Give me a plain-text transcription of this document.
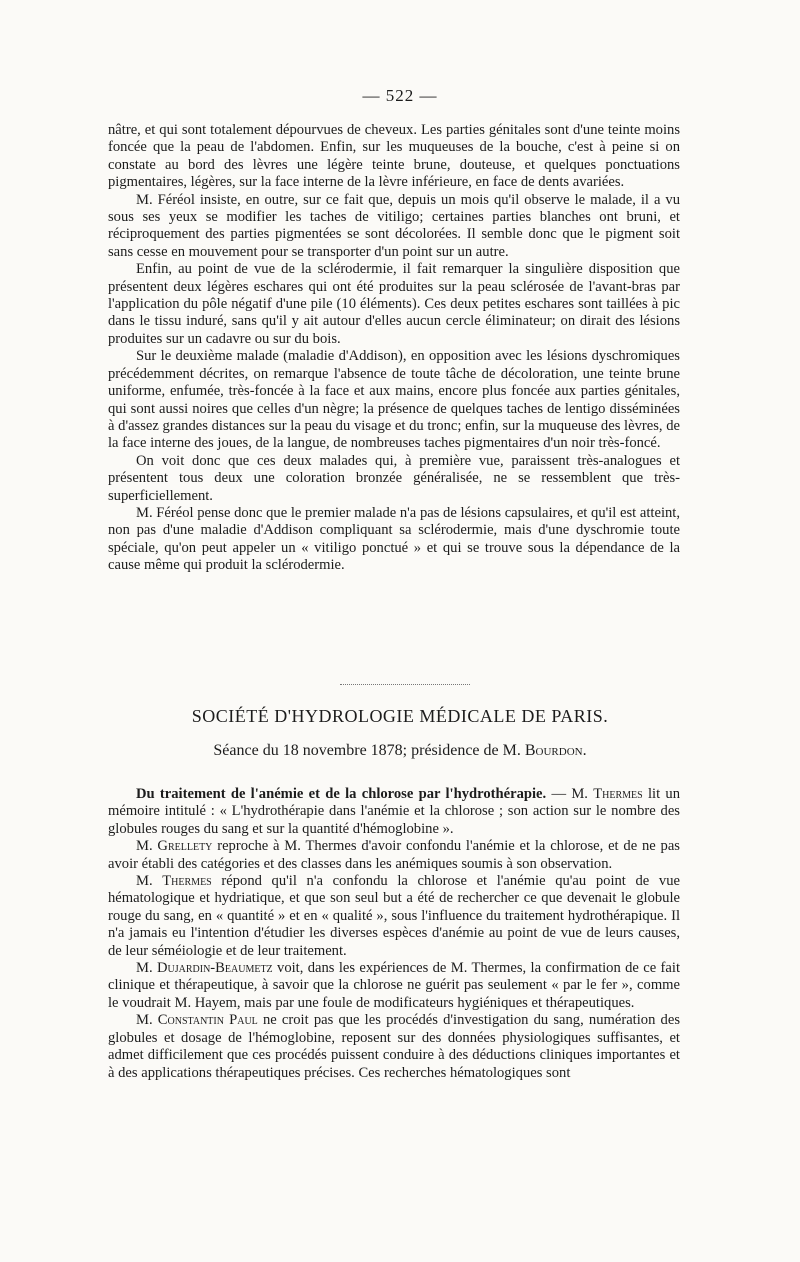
— 522 —

nâtre, et qui sont totalement dépourvues de cheveux. Les parties génitales sont d'une teinte moins foncée que la peau de l'abdomen. Enfin, sur les muqueuses de la bouche, c'est à peine si on constate au bord des lèvres une légère teinte brune, douteuse, et quelques ponctuations pigmentaires, légères, sur la face interne de la lèvre inférieure, en face de dents avariées.

M. Féréol insiste, en outre, sur ce fait que, depuis un mois qu'il observe le malade, il a vu sous ses yeux se modifier les taches de vitiligo; certaines parties blanches ont bruni, et réciproquement des parties pigmentées se sont décolorées. Il semble donc que le pigment soit sans cesse en mouvement pour se transporter d'un point sur un autre.

Enfin, au point de vue de la sclérodermie, il fait remarquer la singulière disposition que présentent deux légères eschares qui ont été produites sur la peau sclérosée de l'avant-bras par l'application du pôle négatif d'une pile (10 éléments). Ces deux petites eschares sont taillées à pic dans le tissu induré, sans qu'il y ait autour d'elles aucun cercle éliminateur; on dirait des lésions produites sur un cadavre ou sur du bois.

Sur le deuxième malade (maladie d'Addison), en opposition avec les lésions dyschromiques précédemment décrites, on remarque l'absence de toute tâche de décoloration, une teinte brune uniforme, enfumée, très-foncée à la face et aux mains, encore plus foncée aux parties génitales, qui sont aussi noires que celles d'un nègre; la présence de quelques taches de lentigo disséminées à d'assez grandes distances sur la peau du visage et du tronc; enfin, sur la muqueuse des lèvres, de la face interne des joues, de la langue, de nombreuses taches pigmentaires d'un noir très-foncé.

On voit donc que ces deux malades qui, à première vue, paraissent très-analogues et présentent tous deux une coloration bronzée généralisée, ne se ressemblent que très-superficiellement.

M. Féréol pense donc que le premier malade n'a pas de lésions capsulaires, et qu'il est atteint, non pas d'une maladie d'Addison compliquant sa sclérodermie, mais d'une dyschromie toute spéciale, qu'on peut appeler un « vitiligo ponctué » et qui se trouve sous la dépendance de la cause même qui produit la sclérodermie.

SOCIÉTÉ D'HYDROLOGIE MÉDICALE DE PARIS.
Séance du 18 novembre 1878; présidence de M. Bourdon.

Du traitement de l'anémie et de la chlorose par l'hydrothérapie. — M. Thermes lit un mémoire intitulé : « L'hydrothérapie dans l'anémie et la chlorose ; son action sur le nombre des globules rouges du sang et sur la quantité d'hémoglobine ».

M. Grellety reproche à M. Thermes d'avoir confondu l'anémie et la chlorose, et de ne pas avoir établi des catégories et des classes dans les anémiques soumis à son observation.

M. Thermes répond qu'il n'a confondu la chlorose et l'anémie qu'au point de vue hématologique et hydriatique, et que son seul but a été de rechercher ce que devenait le globule rouge du sang, en « quantité » et en « qualité », sous l'influence du traitement hydrothérapique. Il n'a jamais eu l'intention d'étudier les diverses espèces d'anémie au point de vue de leurs causes, de leur séméiologie et de leur traitement.

M. Dujardin-Beaumetz voit, dans les expériences de M. Thermes, la confirmation de ce fait clinique et thérapeutique, à savoir que la chlorose ne guérit pas seulement « par le fer », comme le voudrait M. Hayem, mais par une foule de modificateurs hygiéniques et thérapeutiques.

M. Constantin Paul ne croit pas que les procédés d'investigation du sang, numération des globules et dosage de l'hémoglobine, reposent sur des données physiologiques suffisantes, et admet difficilement que ces procédés puissent conduire à des déductions cliniques importantes et à des applications thérapeutiques précises. Ces recherches hématologiques sont
